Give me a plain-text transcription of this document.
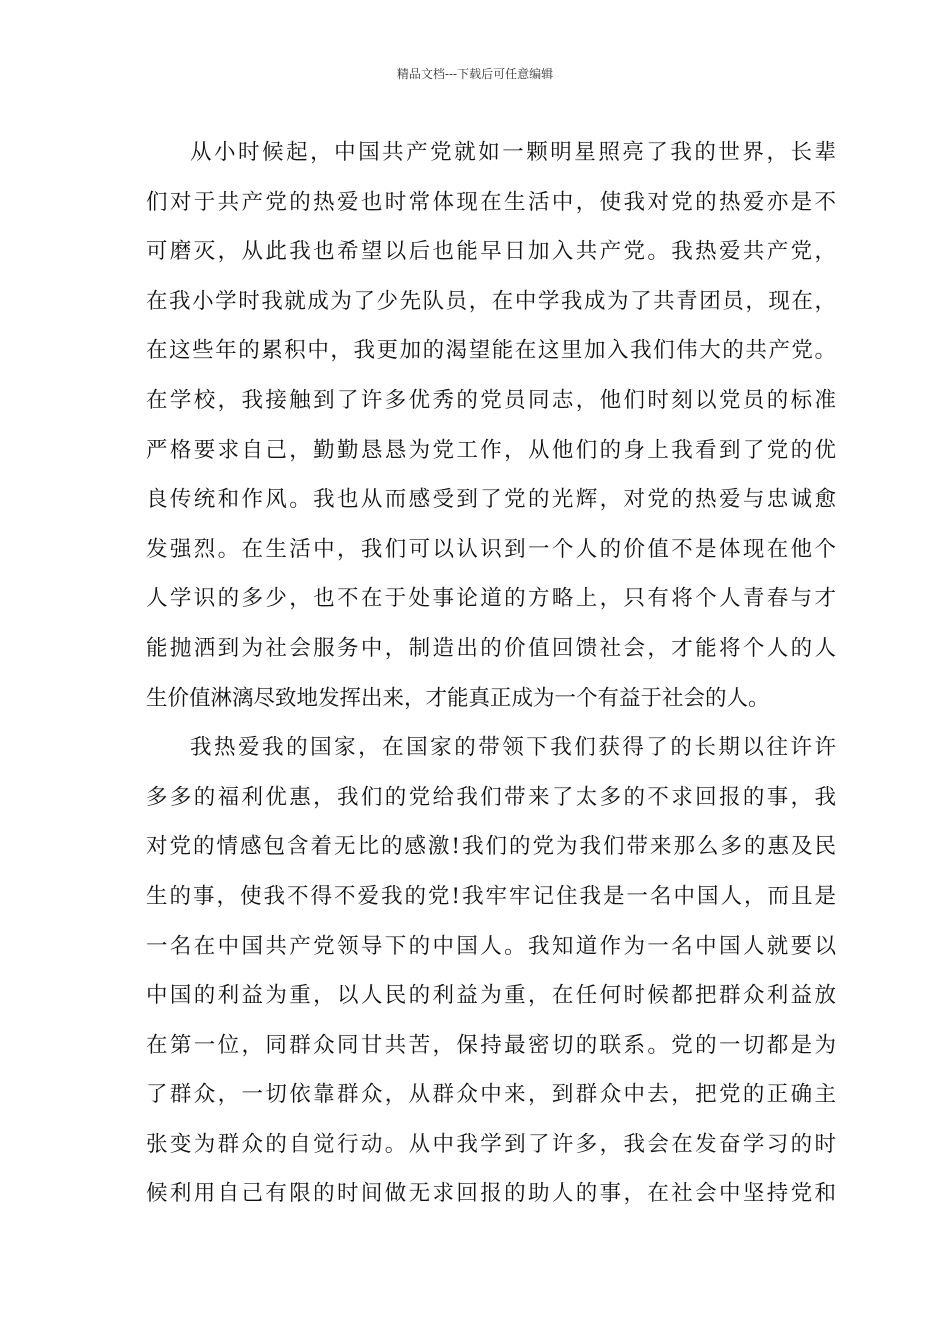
精品文档---下载后可任意编辑
从小时候起，中国共产党就如一颗明星照亮了我的世界，长辈
们对于共产党的热爱也时常体现在生活中，使我对党的热爱亦是不
可磨灭，从此我也希望以后也能早日加入共产党。我热爱共产党，
在我小学时我就成为了少先队员，在中学我成为了共青团员，现在，
在这些年的累积中，我更加的渴望能在这里加入我们伟大的共产党。
在学校，我接触到了许多优秀的党员同志，他们时刻以党员的标准
严格要求自己，勤勤恳恳为党工作，从他们的身上我看到了党的优
良传统和作风。我也从而感受到了党的光辉，对党的热爱与忠诚愈
发强烈。在生活中，我们可以认识到一个人的价值不是体现在他个
人学识的多少，也不在于处事论道的方略上，只有将个人青春与才
能抛洒到为社会服务中，制造出的价值回馈社会，才能将个人的人
生价值淋漓尽致地发挥出来，才能真正成为一个有益于社会的人。
我热爱我的国家，在国家的带领下我们获得了的长期以往许许
多多的福利优惠，我们的党给我们带来了太多的不求回报的事，我
对党的情感包含着无比的感激!我们的党为我们带来那么多的惠及民
生的事，使我不得不爱我的党!我牢牢记住我是一名中国人，而且是
一名在中国共产党领导下的中国人。我知道作为一名中国人就要以
中国的利益为重，以人民的利益为重，在任何时候都把群众利益放
在第一位，同群众同甘共苦，保持最密切的联系。党的一切都是为
了群众，一切依靠群众，从群众中来，到群众中去，把党的正确主
张变为群众的自觉行动。从中我学到了许多，我会在发奋学习的时
候利用自己有限的时间做无求回报的助人的事，在社会中坚持党和
